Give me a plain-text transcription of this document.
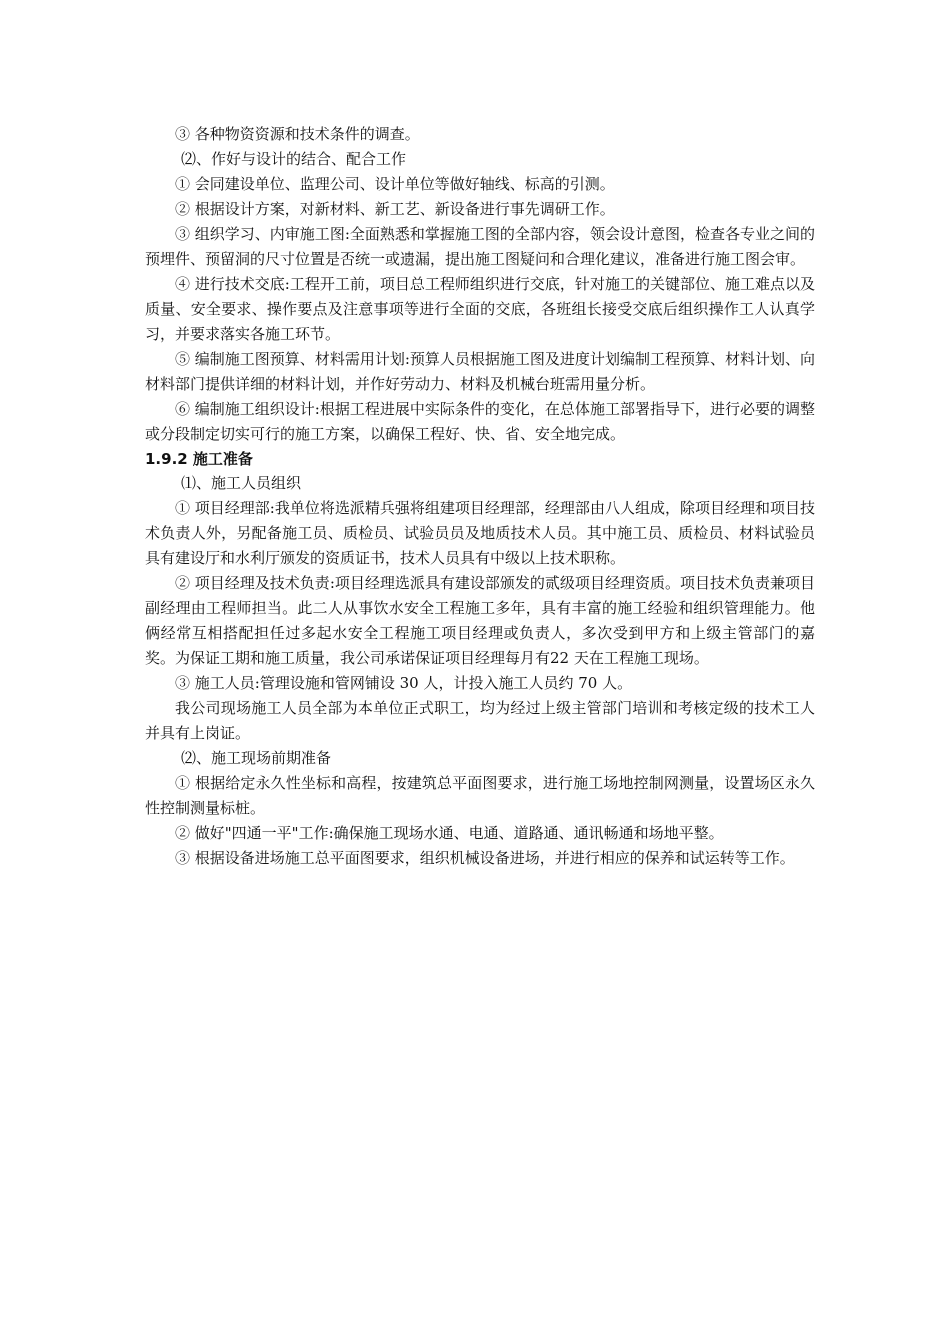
③ 各种物资资源和技术条件的调查。

⑵、作好与设计的结合、配合工作

① 会同建设单位、监理公司、设计单位等做好轴线、标高的引测。

② 根据设计方案，对新材料、新工艺、新设备进行事先调研工作。

③ 组织学习、内审施工图:全面熟悉和掌握施工图的全部内容，领会设计意图，检查各专业之间的预埋件、预留洞的尺寸位置是否统一或遗漏，提出施工图疑问和合理化建议，准备进行施工图会审。

④ 进行技术交底:工程开工前，项目总工程师组织进行交底，针对施工的关键部位、施工难点以及质量、安全要求、操作要点及注意事项等进行全面的交底，各班组长接受交底后组织操作工人认真学习，并要求落实各施工环节。

⑤ 编制施工图预算、材料需用计划:预算人员根据施工图及进度计划编制工程预算、材料计划、向材料部门提供详细的材料计划，并作好劳动力、材料及机械台班需用量分析。

⑥ 编制施工组织设计:根据工程进展中实际条件的变化，在总体施工部署指导下，进行必要的调整或分段制定切实可行的施工方案，以确保工程好、快、省、安全地完成。

1.9.2 施工准备

⑴、施工人员组织

① 项目经理部:我单位将选派精兵强将组建项目经理部，经理部由八人组成，除项目经理和项目技术负责人外，另配备施工员、质检员、试验员员及地质技术人员。其中施工员、质检员、材料试验员具有建设厅和水利厅颁发的资质证书，技术人员具有中级以上技术职称。

② 项目经理及技术负责:项目经理选派具有建设部颁发的贰级项目经理资质。项目技术负责兼项目副经理由工程师担当。此二人从事饮水安全工程施工多年，具有丰富的施工经验和组织管理能力。他俩经常互相搭配担任过多起水安全工程施工项目经理或负责人，多次受到甲方和上级主管部门的嘉奖。为保证工期和施工质量，我公司承诺保证项目经理每月有22 天在工程施工现场。

③ 施工人员:管理设施和管网铺设 30 人，计投入施工人员约 70 人。

我公司现场施工人员全部为本单位正式职工，均为经过上级主管部门培训和考核定级的技术工人并具有上岗证。

⑵、施工现场前期准备

① 根据给定永久性坐标和高程，按建筑总平面图要求，进行施工场地控制网测量，设置场区永久性控制测量标桩。

② 做好"四通一平"工作:确保施工现场水通、电通、道路通、通讯畅通和场地平整。

③ 根据设备进场施工总平面图要求，组织机械设备进场，并进行相应的保养和试运转等工作。
